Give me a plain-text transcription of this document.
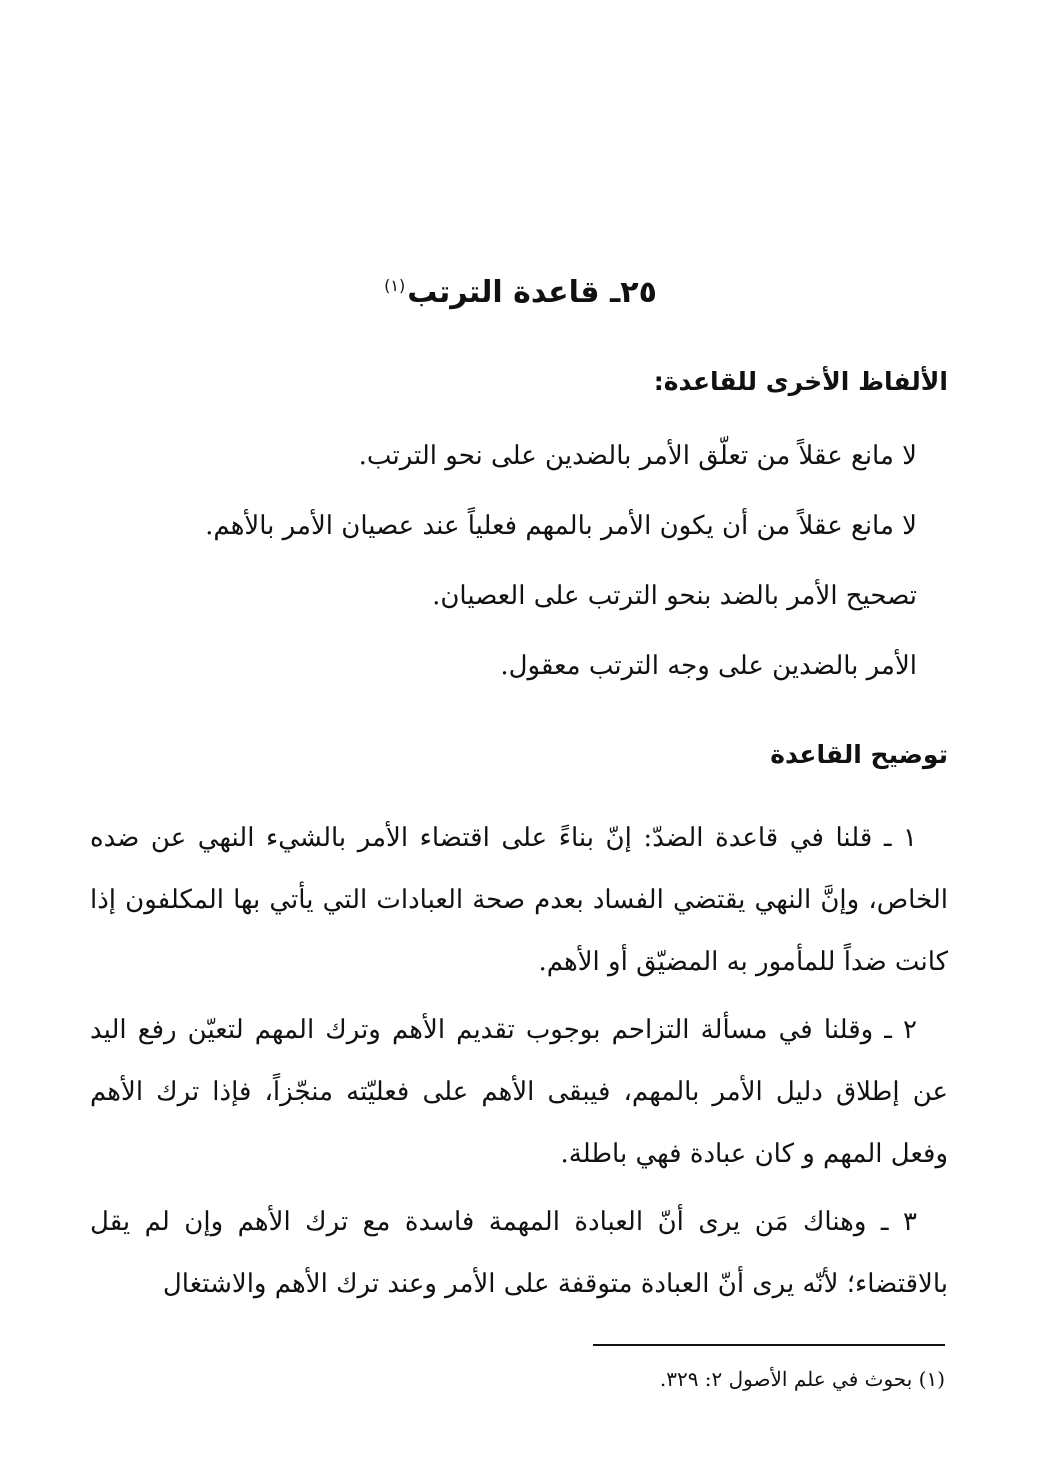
٢٥ـ قاعدة الترتب$^{(١)}$
الألفاظ الأخرى للقاعدة:
لا مانع عقلاً من تعلّق الأمر بالضدين على نحو الترتب.
لا مانع عقلاً من أن يكون الأمر بالمهم فعلياً عند عصيان الأمر بالأهم.
تصحيح الأمر بالضد بنحو الترتب على العصيان.
الأمر بالضدين على وجه الترتب معقول.
توضيح القاعدة

١ ـ قلنا في قاعدة الضدّ: إنّ بناءً على اقتضاء الأمر بالشيء النهي عن ضده الخاص، وإنَّ النهي يقتضي الفساد بعدم صحة العبادات التي يأتي بها المكلفون إذا كانت ضداً للمأمور به المضيّق أو الأهم.

٢ ـ وقلنا في مسألة التزاحم بوجوب تقديم الأهم وترك المهم لتعيّن رفع اليد عن إطلاق دليل الأمر بالمهم، فيبقى الأهم على فعليّته منجّزاً، فإذا ترك الأهم وفعل المهم و كان عبادة فهي باطلة.

٣ ـ وهناك مَن يرى أنّ العبادة المهمة فاسدة مع ترك الأهم وإن لم يقل بالاقتضاء؛ لأنّه يرى أنّ العبادة متوقفة على الأمر وعند ترك الأهم والاشتغال

(١) بحوث في علم الأصول ٢: ٣٢٩.
